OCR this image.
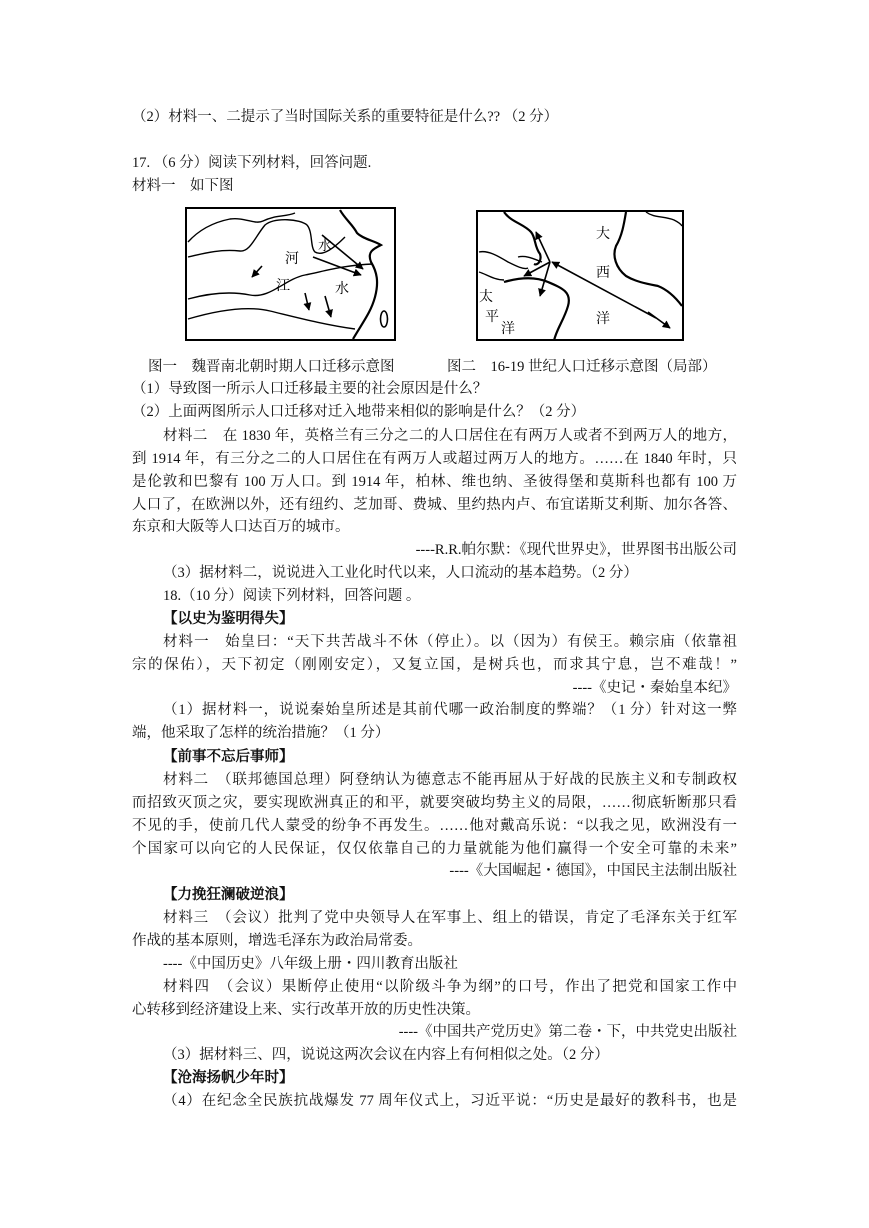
（2）材料一、二提示了当时国际关系的重要特征是什么?? （2 分）
17. （6 分）阅读下列材料，回答问题.
材料一　如下图
河
水
江	水
大
西
洋
太
平
洋
图一　魏晋南北朝时期人口迁移示意图	图二　16-19 世纪人口迁移示意图（局部）
（1）导致图一所示人口迁移最主要的社会原因是什么？
（2）上面两图所示人口迁移对迁入地带来相似的影响是什么？（2 分）
材料二　在 1830 年，英格兰有三分之二的人口居住在有两万人或者不到两万人的地方，
到 1914 年，有三分之二的人口居住在有两万人或超过两万人的地方。……在 1840 年时，只
是伦敦和巴黎有 100 万人口。到 1914 年，柏林、维也纳、圣彼得堡和莫斯科也都有 100 万
人口了，在欧洲以外，还有纽约、芝加哥、费城、里约热内卢、布宜诺斯艾利斯、加尔各答、
东京和大阪等人口达百万的城市。
----R.R.帕尔默：《现代世界史》，世界图书出版公司
（3）据材料二，说说进入工业化时代以来，人口流动的基本趋势。（2 分）
18.（10 分）阅读下列材料，回答问题 。
【以史为鉴明得失】
材料一　始皇曰：“天下共苦战斗不休（停止）。以（因为）有侯王。赖宗庙（依靠祖
宗的保佑），天下初定（刚刚安定），又复立国，是树兵也，而求其宁息，岂不难哉！”
----《史记・秦始皇本纪》
（1）据材料一，说说秦始皇所述是其前代哪一政治制度的弊端？（1 分）针对这一弊
端，他采取了怎样的统治措施？（1 分）
【前事不忘后事师】
材料二　（联邦德国总理）阿登纳认为德意志不能再屈从于好战的民族主义和专制政权
而招致灭顶之灾，要实现欧洲真正的和平，就要突破均势主义的局限，……彻底斩断那只看
不见的手，使前几代人蒙受的纷争不再发生。……他对戴高乐说：“以我之见，欧洲没有一
个国家可以向它的人民保证，仅仅依靠自己的力量就能为他们赢得一个安全可靠的未来”
----《大国崛起・德国》，中国民主法制出版社
【力挽狂澜破逆浪】
材料三　（会议）批判了党中央领导人在军事上、组上的错误，肯定了毛泽东关于红军
作战的基本原则，增选毛泽东为政治局常委。
----《中国历史》八年级上册・四川教育出版社
材料四　（会议）果断停止使用“以阶级斗争为纲”的口号，作出了把党和国家工作中
心转移到经济建设上来、实行改革开放的历史性决策。
----《中国共产党历史》第二卷・下，中共党史出版社
（3）据材料三、四，说说这两次会议在内容上有何相似之处。（2 分）
【沧海扬帆少年时】
（4）在纪念全民族抗战爆发 77 周年仪式上，习近平说：“历史是最好的教科书，也是
